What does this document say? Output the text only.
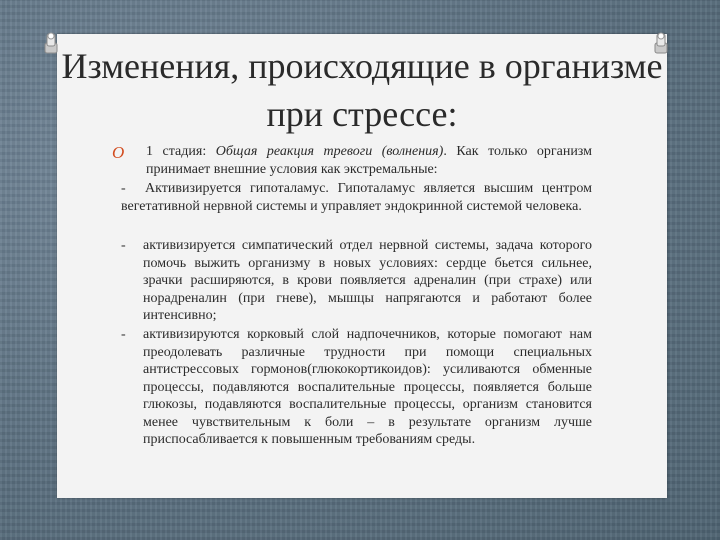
Изменения, происходящие в организме при стрессе:
O 1 стадия: Общая реакция тревоги (волнения). Как только организм принимает внешние условия как экстремальные:

- Активизируется гипоталамус. Гипоталамус является высшим центром вегетативной нервной системы и управляет эндокринной системой человека.
- активизируется симпатический отдел нервной системы, задача которого помочь выжить организму в новых условиях: сердце бьется сильнее, зрачки расширяются, в крови появляется адреналин (при страхе) или норадреналин (при гневе), мышцы напрягаются и работают более интенсивно;

- активизируются корковый слой надпочечников, которые помогают нам преодолевать различные трудности при помощи специальных антистрессовых гормонов(глюкокортикоидов): усиливаются обменные процессы, подавляются воспалительные процессы, появляется больше глюкозы, подавляются воспалительные процессы, организм становится менее чувствительным к боли – в результате организм лучше приспосабливается к повышенным требованиям среды.
